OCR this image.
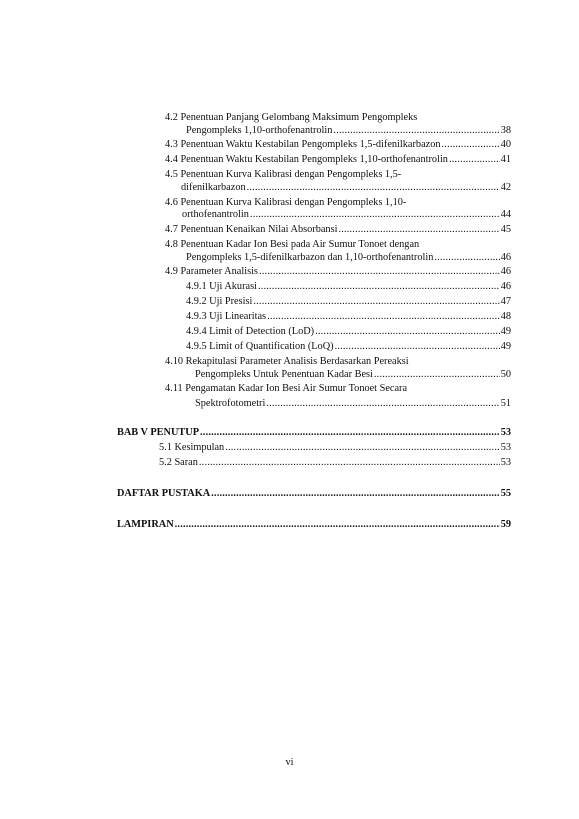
4.2 Penentuan Panjang Gelombang Maksimum Pengompleks
Pengompleks 1,10-orthofenantrolin .....	38
4.3 Penentuan Waktu Kestabilan Pengompleks 1,5-difenilkarbazon .....	40
4.4 Penentuan Waktu Kestabilan Pengompleks 1,10-orthofenantrolin .....	41
4.5 Penentuan Kurva Kalibrasi dengan Pengompleks 1,5-
difenilkarbazon .....	42
4.6 Penentuan Kurva Kalibrasi dengan Pengompleks 1,10-
orthofenantrolin .....	44
4.7 Penentuan Kenaikan Nilai Absorbansi .....	45
4.8 Penentuan Kadar Ion Besi pada Air Sumur Tonoet dengan
Pengompleks 1,5-difenilkarbazon dan 1,10-orthofenantrolin .....	46
4.9 Parameter Analisis .....	46
4.9.1 Uji Akurasi .....	46
4.9.2 Uji Presisi .....	47
4.9.3 Uji Linearitas .....	48
4.9.4 Limit of Detection (LoD) .....	49
4.9.5 Limit of Quantification (LoQ) .....	49
4.10 Rekapitulasi Parameter Analisis Berdasarkan Pereaksi
Pengompleks Untuk Penentuan Kadar Besi .....	50
4.11 Pengamatan Kadar Ion Besi Air Sumur Tonoet Secara
Spektrofotometri .....	51
BAB V PENUTUP .....	53
5.1 Kesimpulan .....	53
5.2 Saran .....	53
DAFTAR PUSTAKA .....	55
LAMPIRAN .....	59
vi
